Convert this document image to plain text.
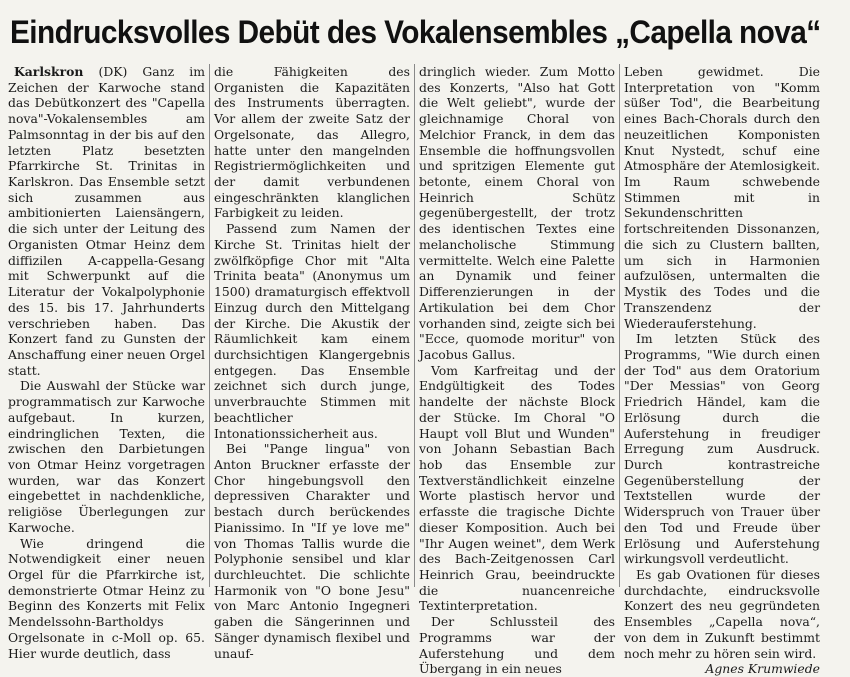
Eindrucksvolles Debüt des Vokalensembles „Capella nova“

Karlskron (DK) Ganz im Zeichen der Karwoche stand das Debütkonzert des "Capella nova"-Vokalensembles am Palmsonntag in der bis auf den letzten Platz besetzten Pfarrkirche St. Trinitas in Karlskron. Das Ensemble setzt sich zusammen aus ambitionierten Laiensängern, die sich unter der Leitung des Organisten Otmar Heinz dem diffizilen A-cappella-Gesang mit Schwerpunkt auf die Literatur der Vokalpolyphonie des 15. bis 17. Jahrhunderts verschrieben haben. Das Konzert fand zu Gunsten der Anschaffung einer neuen Orgel statt.

Die Auswahl der Stücke war programmatisch zur Karwoche aufgebaut. In kurzen, eindringlichen Texten, die zwischen den Darbietungen von Otmar Heinz vorgetragen wurden, war das Konzert eingebettet in nachdenkliche, religiöse Überlegungen zur Karwoche.

Wie dringend die Notwendigkeit einer neuen Orgel für die Pfarrkirche ist, demonstrierte Otmar Heinz zu Beginn des Konzerts mit Felix Mendelssohn-Bartholdys Orgelsonate in c-Moll op. 65. Hier wurde deutlich, dass

die Fähigkeiten des Organisten die Kapazitäten des Instruments überragten. Vor allem der zweite Satz der Orgelsonate, das Allegro, hatte unter den mangelnden Registriermöglichkeiten und der damit verbundenen eingeschränkten klanglichen Farbigkeit zu leiden.

Passend zum Namen der Kirche St. Trinitas hielt der zwölfköpfige Chor mit "Alta Trinita beata" (Anonymus um 1500) dramaturgisch effektvoll Einzug durch den Mittelgang der Kirche. Die Akustik der Räumlichkeit kam einem durchsichtigen Klangergebnis entgegen. Das Ensemble zeichnet sich durch junge, unverbrauchte Stimmen mit beachtlicher Intonationssicherheit aus.

Bei "Pange lingua" von Anton Bruckner erfasste der Chor hingebungsvoll den depressiven Charakter und bestach durch berückendes Pianissimo. In "If ye love me" von Thomas Tallis wurde die Polyphonie sensibel und klar durchleuchtet. Die schlichte Harmonik von "O bone Jesu" von Marc Antonio Ingegneri gaben die Sängerinnen und Sänger dynamisch flexibel und unauf-

dringlich wieder. Zum Motto des Konzerts, "Also hat Gott die Welt geliebt", wurde der gleichnamige Choral von Melchior Franck, in dem das Ensemble die hoffnungsvollen und spritzigen Elemente gut betonte, einem Choral von Heinrich Schütz gegenübergestellt, der trotz des identischen Textes eine melancholische Stimmung vermittelte. Welch eine Palette an Dynamik und feiner Differenzierungen in der Artikulation bei dem Chor vorhanden sind, zeigte sich bei "Ecce, quomode moritur" von Jacobus Gallus.

Vom Karfreitag und der Endgültigkeit des Todes handelte der nächste Block der Stücke. Im Choral "O Haupt voll Blut und Wunden" von Johann Sebastian Bach hob das Ensemble zur Textverständlichkeit einzelne Worte plastisch hervor und erfasste die tragische Dichte dieser Komposition. Auch bei "Ihr Augen weinet", dem Werk des Bach-Zeitgenossen Carl Heinrich Grau, beeindruckte die nuancenreiche Textinterpretation.

Der Schlussteil des Programms war der Auferstehung und dem Übergang in ein neues

Leben gewidmet. Die Interpretation von "Komm süßer Tod", die Bearbeitung eines Bach-Chorals durch den neuzeitlichen Komponisten Knut Nystedt, schuf eine Atmosphäre der Atemlosigkeit. Im Raum schwebende Stimmen mit in Sekundenschritten fortschreitenden Dissonanzen, die sich zu Clustern ballten, um sich in Harmonien aufzulösen, untermalten die Mystik des Todes und die Transzendenz der Wiederauferstehung.

Im letzten Stück des Programms, "Wie durch einen der Tod" aus dem Oratorium "Der Messias" von Georg Friedrich Händel, kam die Erlösung durch die Auferstehung in freudiger Erregung zum Ausdruck. Durch kontrastreiche Gegenüberstellung der Textstellen wurde der Widerspruch von Trauer über den Tod und Freude über Erlösung und Auferstehung wirkungsvoll verdeutlicht.

Es gab Ovationen für dieses durchdachte, eindrucksvolle Konzert des neu gegründeten Ensembles „Capella nova“, von dem in Zukunft bestimmt noch mehr zu hören sein wird.

Agnes Krumwiede
